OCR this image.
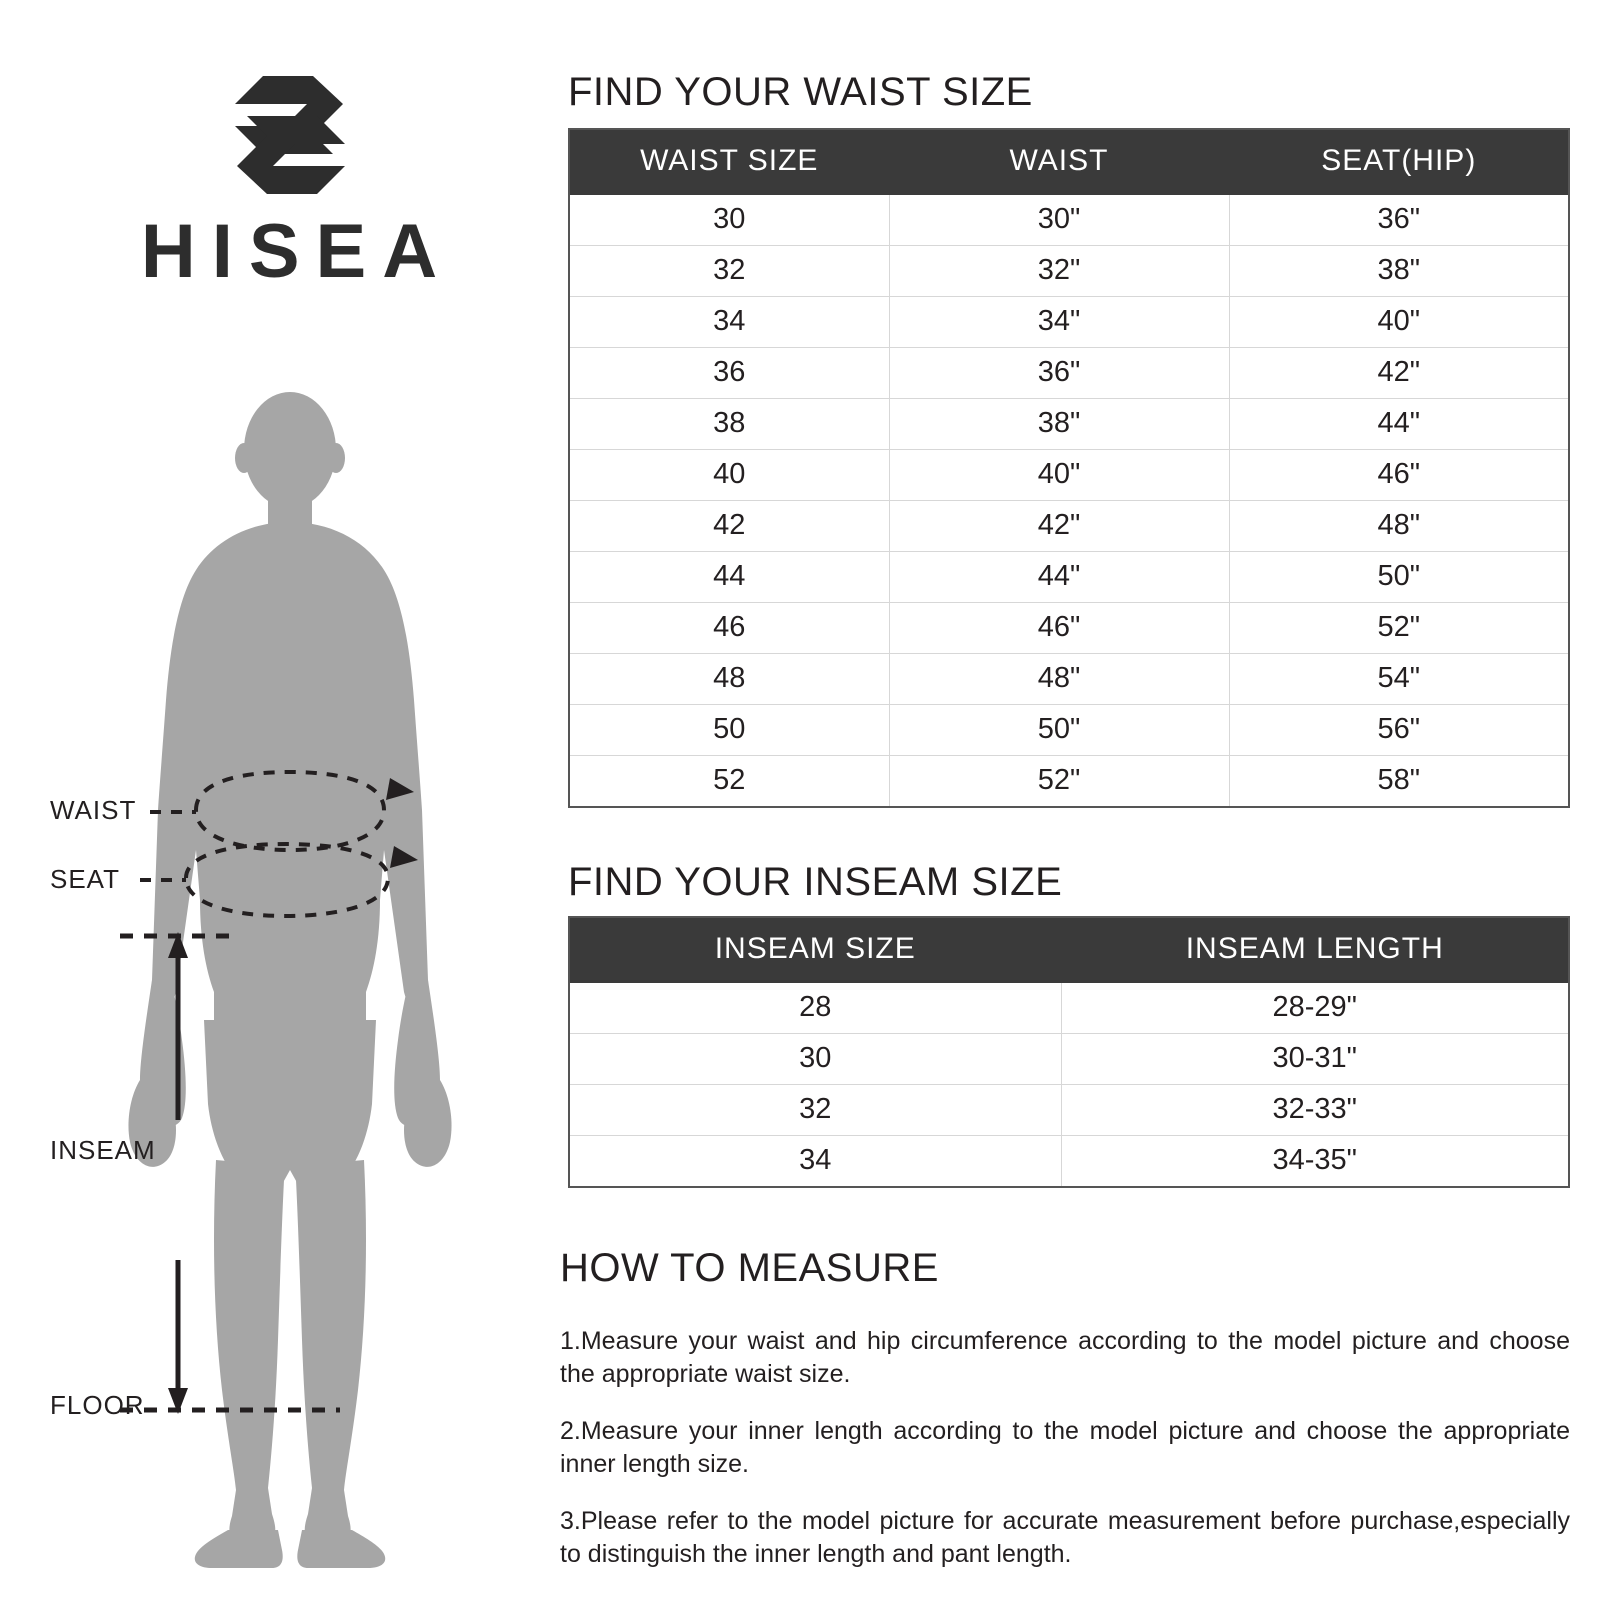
HISEA
WAIST
SEAT
INSEAM
FLOOR
FIND YOUR WAIST SIZE
WAIST SIZE	WAIST	SEAT(HIP)
30	30"	36"
32	32"	38"
34	34"	40"
36	36"	42"
38	38"	44"
40	40"	46"
42	42"	48"
44	44"	50"
46	46"	52"
48	48"	54"
50	50"	56"
52	52"	58"
FIND YOUR INSEAM SIZE
INSEAM SIZE	INSEAM LENGTH
28	28-29"
30	30-31"
32	32-33"
34	34-35"
HOW TO MEASURE

1.Measure your waist and hip circumference according to the model picture and choose the appropriate waist size.

2.Measure your inner length according to the model picture and choose the appropriate inner length size.

3.Please refer to the model picture for accurate measurement before purchase,especially to distinguish the inner length and pant length.
